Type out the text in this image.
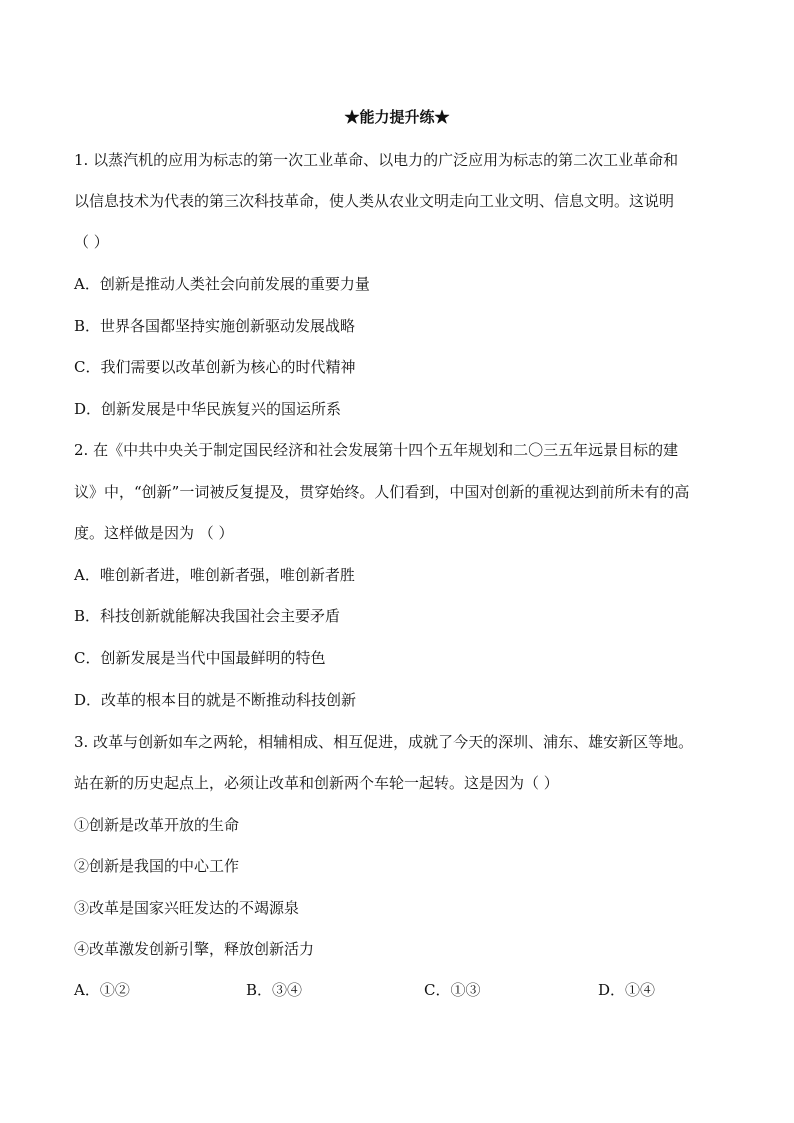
★能力提升练★
1. 以蒸汽机的应用为标志的第一次工业革命、以电力的广泛应用为标志的第二次工业革命和
以信息技术为代表的第三次科技革命，使人类从农业文明走向工业文明、信息文明。这说明
（ ）
A．创新是推动人类社会向前发展的重要力量
B．世界各国都坚持实施创新驱动发展战略
C．我们需要以改革创新为核心的时代精神
D．创新发展是中华民族复兴的国运所系
2. 在《中共中央关于制定国民经济和社会发展第十四个五年规划和二〇三五年远景目标的建
议》中，“创新”一词被反复提及，贯穿始终。人们看到，中国对创新的重视达到前所未有的高
度。这样做是因为 （ ）
A．唯创新者进，唯创新者强，唯创新者胜
B．科技创新就能解决我国社会主要矛盾
C．创新发展是当代中国最鲜明的特色
D．改革的根本目的就是不断推动科技创新
3. 改革与创新如车之两轮，相辅相成、相互促进，成就了今天的深圳、浦东、雄安新区等地。
站在新的历史起点上，必须让改革和创新两个车轮一起转。这是因为（ ）
①创新是改革开放的生命
②创新是我国的中心工作
③改革是国家兴旺发达的不竭源泉
④改革激发创新引擎，释放创新活力
A．①②	B．③④	C．①③	D．①④
